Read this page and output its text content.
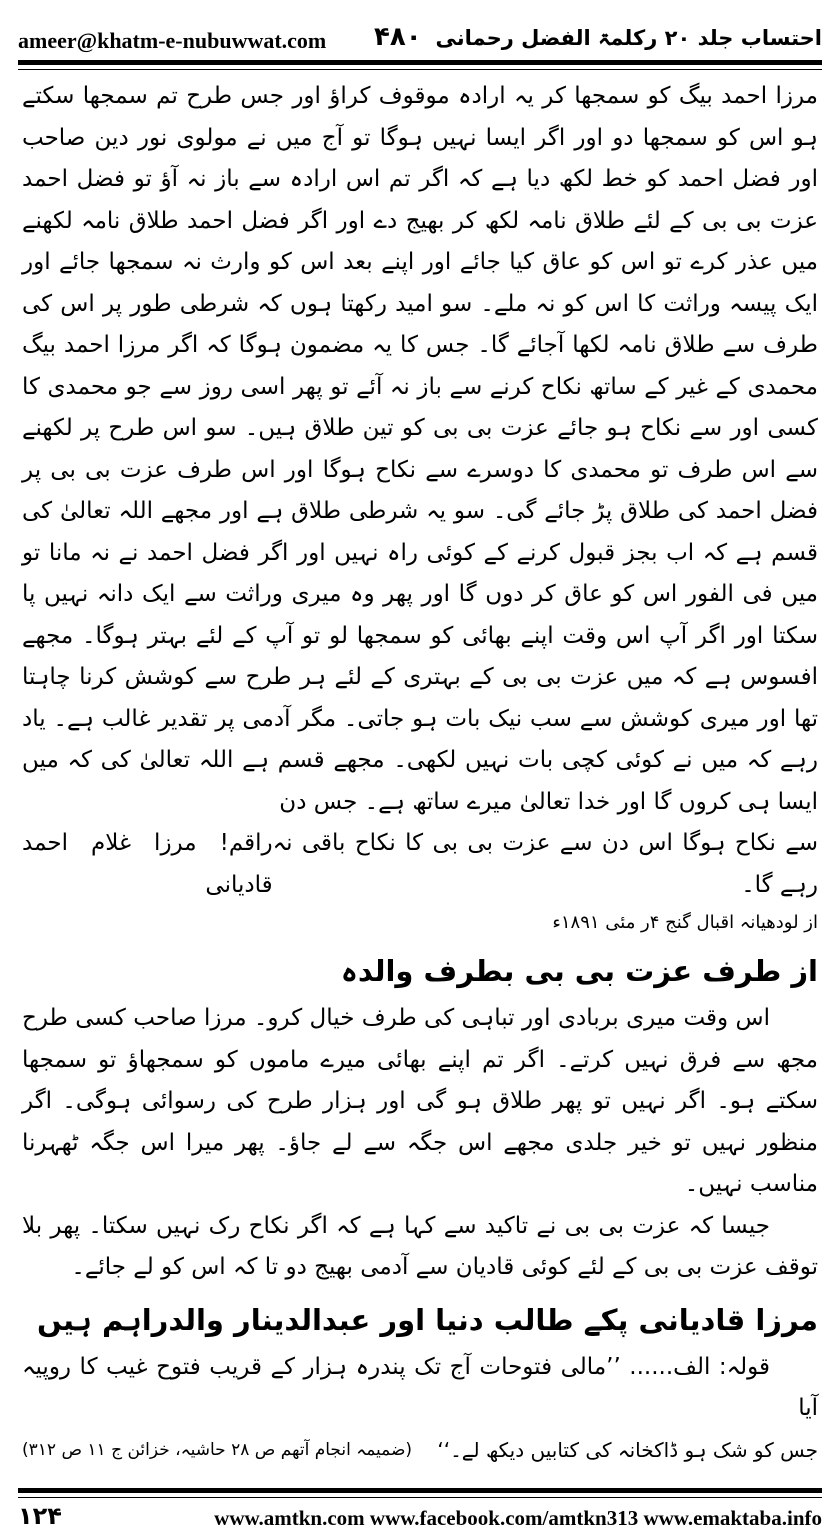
ameer@khatm-e-nubuwwat.com ۴۸۰ احتساب جلد ۲۰ رکلمۃ الفضل رحمانی

مرزا احمد بیگ کو سمجھا کر یہ ارادہ موقوف کراؤ اور جس طرح تم سمجھا سکتے ہو اس کو سمجھا دو اور اگر ایسا نہیں ہوگا تو آج میں نے مولوی نور دین صاحب اور فضل احمد کو خط لکھ دیا ہے کہ اگر تم اس ارادہ سے باز نہ آؤ تو فضل احمد عزت بی بی کے لئے طلاق نامہ لکھ کر بھیج دے اور اگر فضل احمد طلاق نامہ لکھنے میں عذر کرے تو اس کو عاق کیا جائے اور اپنے بعد اس کو وارث نہ سمجھا جائے اور ایک پیسہ وراثت کا اس کو نہ ملے۔ سو امید رکھتا ہوں کہ شرطی طور پر اس کی طرف سے طلاق نامہ لکھا آجائے گا۔ جس کا یہ مضمون ہوگا کہ اگر مرزا احمد بیگ محمدی کے غیر کے ساتھ نکاح کرنے سے باز نہ آئے تو پھر اسی روز سے جو محمدی کا کسی اور سے نکاح ہو جائے عزت بی بی کو تین طلاق ہیں۔ سو اس طرح پر لکھنے سے اس طرف تو محمدی کا دوسرے سے نکاح ہوگا اور اس طرف عزت بی بی پر فضل احمد کی طلاق پڑ جائے گی۔ سو یہ شرطی طلاق ہے اور مجھے اللہ تعالیٰ کی قسم ہے کہ اب بجز قبول کرنے کے کوئی راہ نہیں اور اگر فضل احمد نے نہ مانا تو میں فی الفور اس کو عاق کر دوں گا اور پھر وہ میری وراثت سے ایک دانہ نہیں پا سکتا اور اگر آپ اس وقت اپنے بھائی کو سمجھا لو تو آپ کے لئے بہتر ہوگا۔ مجھے افسوس ہے کہ میں عزت بی بی کے بہتری کے لئے ہر طرح سے کوشش کرنا چاہتا تھا اور میری کوشش سے سب نیک بات ہو جاتی۔ مگر آدمی پر تقدیر غالب ہے۔ یاد رہے کہ میں نے کوئی کچی بات نہیں لکھی۔ مجھے قسم ہے اللہ تعالیٰ کی کہ میں ایسا ہی کروں گا اور خدا تعالیٰ میرے ساتھ ہے۔ جس دن

سے نکاح ہوگا اس دن سے عزت بی بی کا نکاح باقی نہ رہے گا۔
راقم! مرزا غلام احمد قادیانی

از لودھیانہ اقبال گنج ۴ر مئی ۱۸۹۱ء

از طرف عزت بی بی بطرف والدہ

اس وقت میری بربادی اور تباہی کی طرف خیال کرو۔ مرزا صاحب کسی طرح مجھ سے فرق نہیں کرتے۔ اگر تم اپنے بھائی میرے ماموں کو سمجھاؤ تو سمجھا سکتے ہو۔ اگر نہیں تو پھر طلاق ہو گی اور ہزار طرح کی رسوائی ہوگی۔ اگر منظور نہیں تو خیر جلدی مجھے اس جگہ سے لے جاؤ۔ پھر میرا اس جگہ ٹھہرنا مناسب نہیں۔

جیسا کہ عزت بی بی نے تاکید سے کہا ہے کہ اگر نکاح رک نہیں سکتا۔ پھر بلا توقف عزت بی بی کے لئے کوئی قادیان سے آدمی بھیج دو تا کہ اس کو لے جائے۔

مرزا قادیانی پکے طالب دنیا اور عبدالدینار والدراہم ہیں

قولہ: الف...... ’’مالی فتوحات آج تک پندرہ ہزار کے قریب فتوح غیب کا روپیہ آیا

جس کو شک ہو ڈاکخانہ کی کتابیں دیکھ لے۔‘‘
(ضمیمہ انجام آتھم ص ۲۸ حاشیہ، خزائن ج ۱۱ ص ۳۱۲)
۱۲۴	www.amtkn.com www.facebook.com/amtkn313 www.emaktaba.info
